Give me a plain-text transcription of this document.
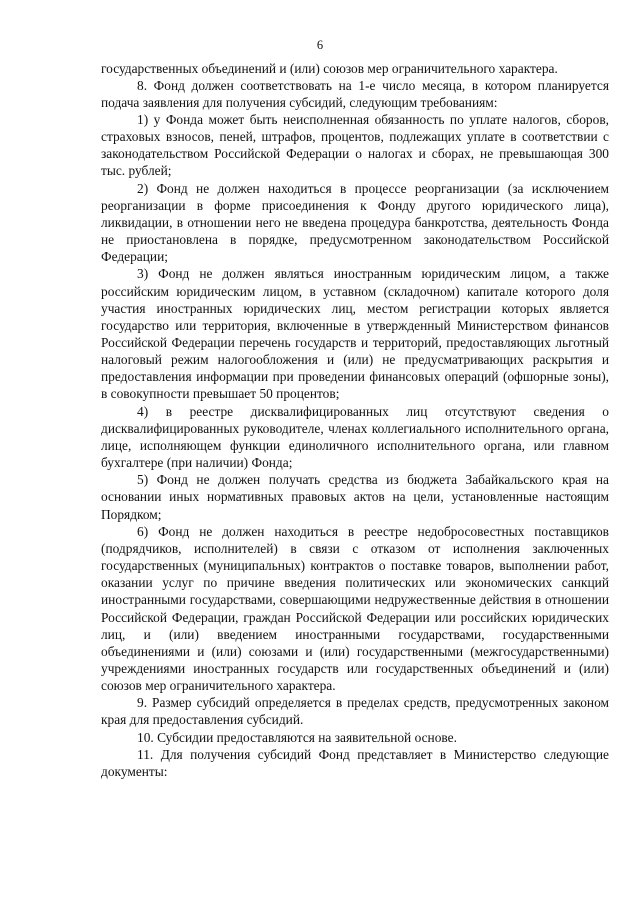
6

государственных объединений и (или) союзов мер ограничительного характера.

8. Фонд должен соответствовать на 1-е число месяца, в котором планируется подача заявления для получения субсидий, следующим требованиям:

1) у Фонда может быть неисполненная обязанность по уплате налогов, сборов, страховых взносов, пеней, штрафов, процентов, подлежащих уплате в соответствии с законодательством Российской Федерации о налогах и сборах, не превышающая 300 тыс. рублей;

2) Фонд не должен находиться в процессе реорганизации (за исключением реорганизации в форме присоединения к Фонду другого юридического лица), ликвидации, в отношении него не введена процедура банкротства, деятельность Фонда не приостановлена в порядке, предусмотренном законодательством Российской Федерации;

3) Фонд не должен являться иностранным юридическим лицом, а также российским юридическим лицом, в уставном (складочном) капитале которого доля участия иностранных юридических лиц, местом регистрации которых является государство или территория, включенные в утвержденный Министерством финансов Российской Федерации перечень государств и территорий, предоставляющих льготный налоговый режим налогообложения и (или) не предусматривающих раскрытия и предоставления информации при проведении финансовых операций (офшорные зоны), в совокупности превышает 50 процентов;

4) в реестре дисквалифицированных лиц отсутствуют сведения о дисквалифицированных руководителе, членах коллегиального исполнительного органа, лице, исполняющем функции единоличного исполнительного органа, или главном бухгалтере (при наличии) Фонда;

5) Фонд не должен получать средства из бюджета Забайкальского края на основании иных нормативных правовых актов на цели, установленные настоящим Порядком;

6) Фонд не должен находиться в реестре недобросовестных поставщиков (подрядчиков, исполнителей) в связи с отказом от исполнения заключенных государственных (муниципальных) контрактов о поставке товаров, выполнении работ, оказании услуг по причине введения политических или экономических санкций иностранными государствами, совершающими недружественные действия в отношении Российской Федерации, граждан Российской Федерации или российских юридических лиц, и (или) введением иностранными государствами, государственными объединениями и (или) союзами и (или) государственными (межгосударственными) учреждениями иностранных государств или государственных объединений и (или) союзов мер ограничительного характера.

9. Размер субсидий определяется в пределах средств, предусмотренных законом края для предоставления субсидий.

10. Субсидии предоставляются на заявительной основе.

11. Для получения субсидий Фонд представляет в Министерство следующие документы:
